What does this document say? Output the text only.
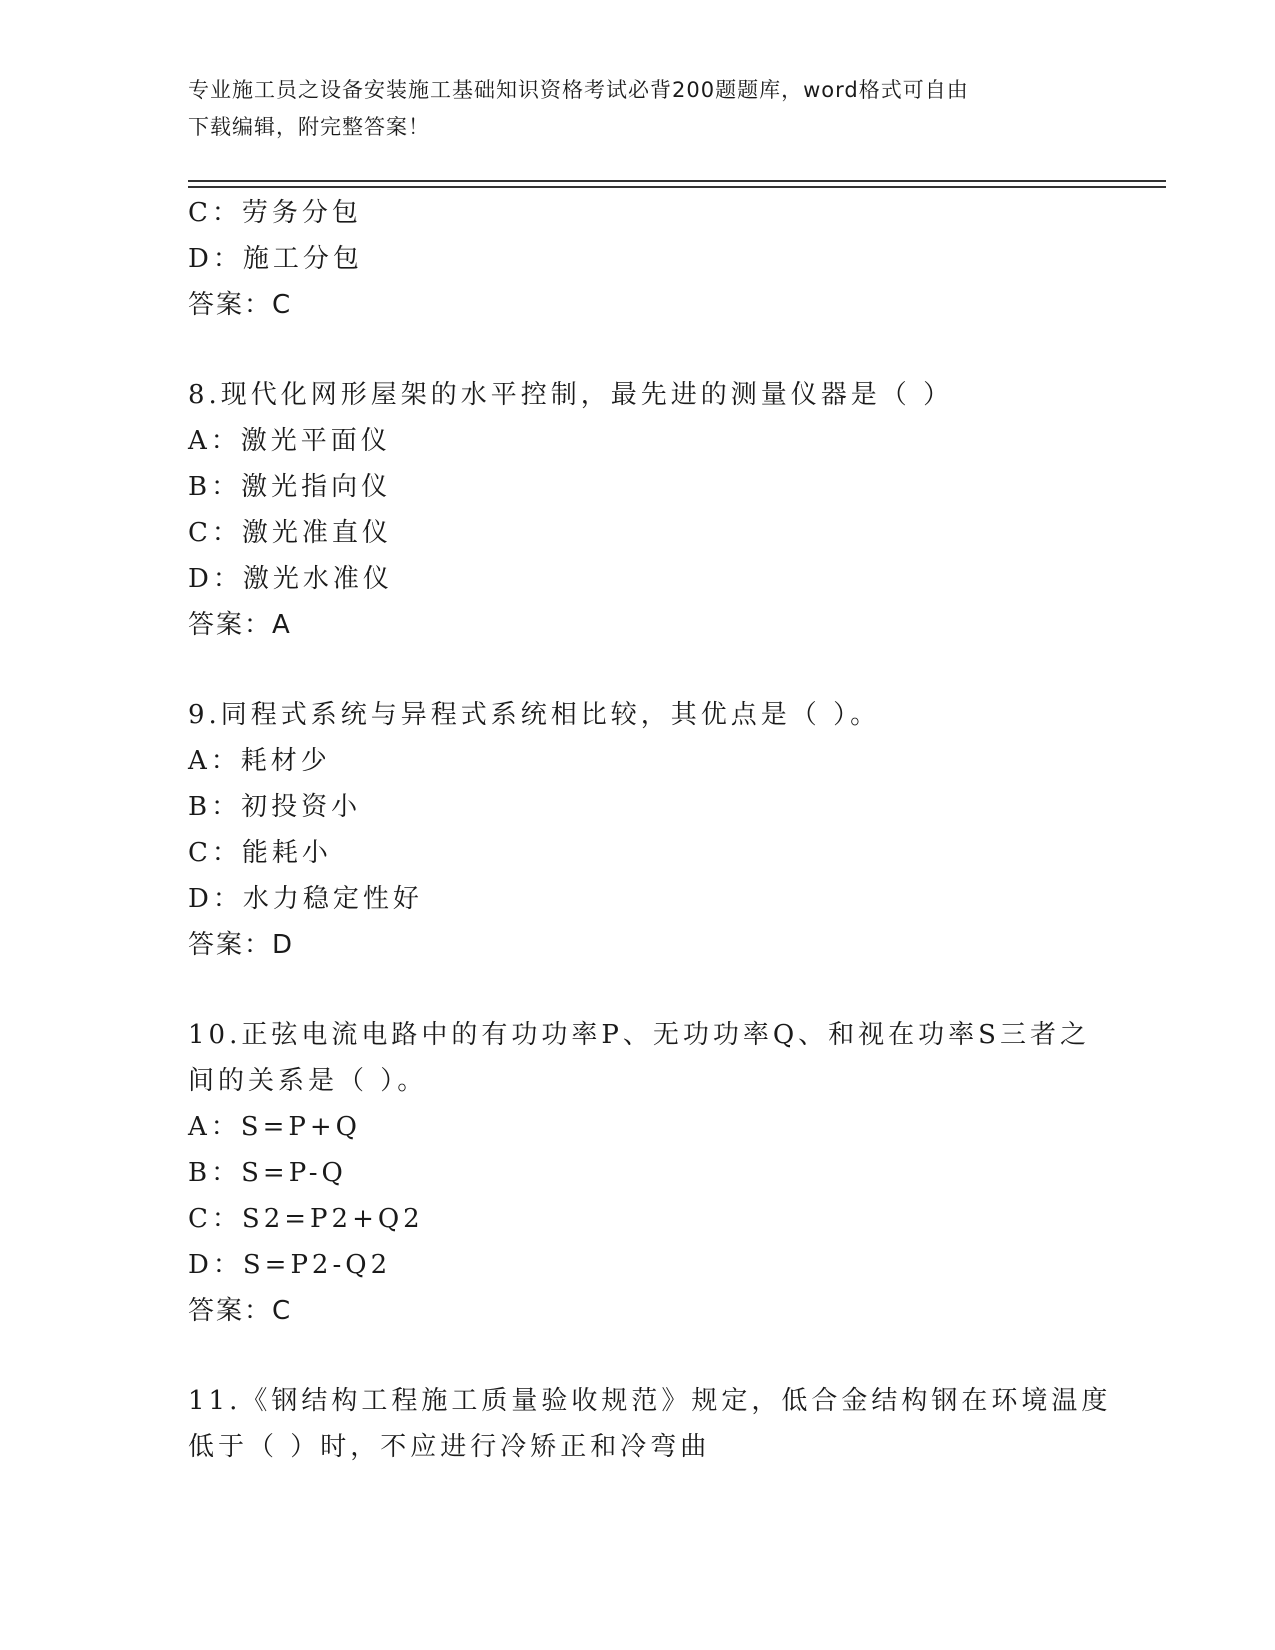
专业施工员之设备安装施工基础知识资格考试必背200题题库，word格式可自由
下载编辑，附完整答案！
C：劳务分包
D：施工分包
答案：C
8.现代化网形屋架的水平控制，最先进的测量仪器是（ ）
A：激光平面仪
B：激光指向仪
C：激光准直仪
D：激光水准仪
答案：A
9.同程式系统与异程式系统相比较，其优点是（ ）。
A：耗材少
B：初投资小
C：能耗小
D：水力稳定性好
答案：D
10.正弦电流电路中的有功功率P、无功功率Q、和视在功率S三者之
间的关系是（ ）。
A：S=P+Q
B：S=P-Q
C：S2=P2+Q2
D：S=P2-Q2
答案：C
11.《钢结构工程施工质量验收规范》规定，低合金结构钢在环境温度
低于（ ）时，不应进行冷矫正和冷弯曲
